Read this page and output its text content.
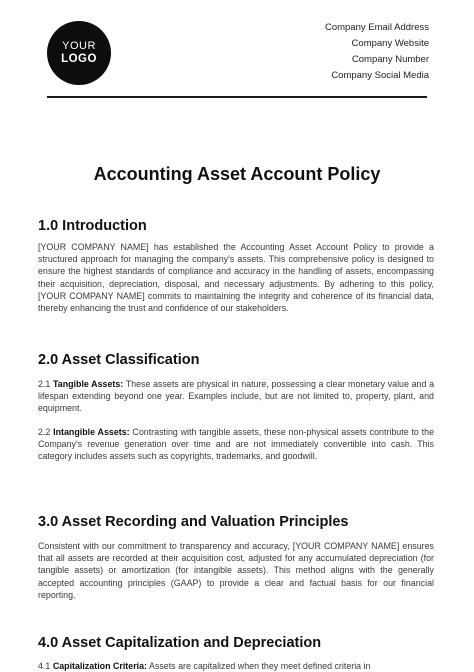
YOUR
LOGO
Company Email Address
Company Website
Company Number
Company Social Media
Accounting Asset Account Policy
1.0 Introduction

[YOUR COMPANY NAME] has established the Accounting Asset Account Policy to provide a structured approach for managing the company's assets. This comprehensive policy is designed to ensure the highest standards of compliance and accuracy in the handling of assets, encompassing their acquisition, depreciation, disposal, and necessary adjustments. By adhering to this policy, [YOUR COMPANY NAME] commits to maintaining the integrity and coherence of its financial data, thereby enhancing the trust and confidence of our stakeholders.

2.0 Asset Classification

2.1 Tangible Assets: These assets are physical in nature, possessing a clear monetary value and a lifespan extending beyond one year. Examples include, but are not limited to, property, plant, and equipment.

2.2 Intangible Assets: Contrasting with tangible assets, these non-physical assets contribute to the Company's revenue generation over time and are not immediately convertible into cash. This category includes assets such as copyrights, trademarks, and goodwill.

3.0 Asset Recording and Valuation Principles

Consistent with our commitment to transparency and accuracy, [YOUR COMPANY NAME] ensures that all assets are recorded at their acquisition cost, adjusted for any accumulated depreciation (for tangible assets) or amortization (for intangible assets). This method aligns with the generally accepted accounting principles (GAAP) to provide a clear and factual basis for our financial reporting.

4.0 Asset Capitalization and Depreciation

4.1 Capitalization Criteria: Assets are capitalized when they meet defined criteria in
